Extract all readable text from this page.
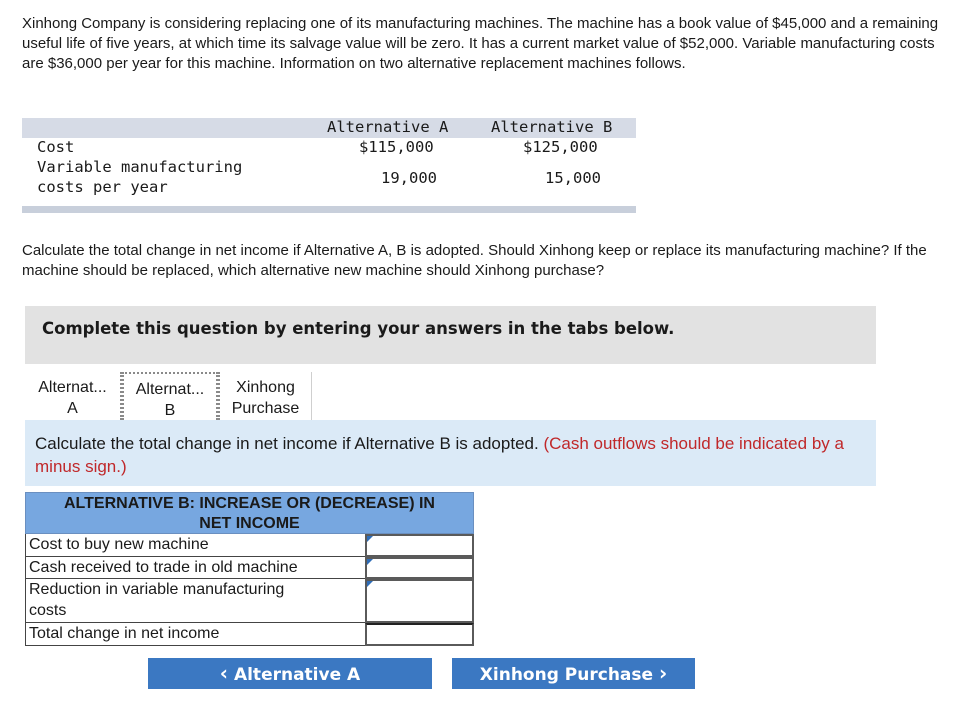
Xinhong Company is considering replacing one of its manufacturing machines. The machine has a book value of $45,000 and a remaining useful life of five years, at which time its salvage value will be zero. It has a current market value of $52,000. Variable manufacturing costs are $36,000 per year for this machine. Information on two alternative replacement machines follows.
Alternative A	Alternative B
Cost	$115,000	$125,000
Variable manufacturing
costs per year	19,000	15,000
Calculate the total change in net income if Alternative A, B is adopted. Should Xinhong keep or replace its manufacturing machine? If the machine should be replaced, which alternative new machine should Xinhong purchase?
Complete this question by entering your answers in the tabs below.
Alternat...
A
Alternat...
B
Xinhong
Purchase
Calculate the total change in net income if Alternative B is adopted. (Cash outflows should be indicated by a minus sign.)
ALTERNATIVE B: INCREASE OR (DECREASE) IN
NET INCOME
Cost to buy new machine
Cash received to trade in old machine
Reduction in variable manufacturing
costs
Total change in net income
‹ Alternative A	Xinhong Purchase ›
